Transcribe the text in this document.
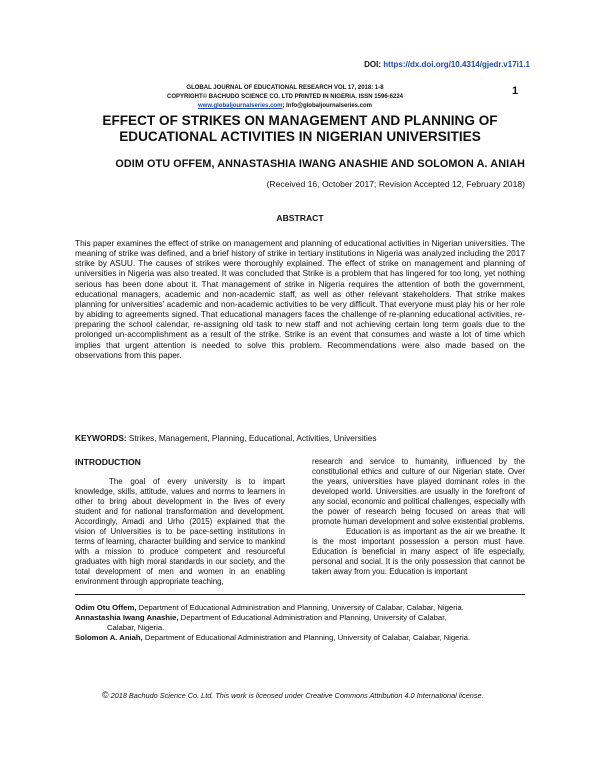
DOI: https://dx.doi.org/10.4314/gjedr.v17i1.1
1
GLOBAL JOURNAL OF EDUCATIONAL RESEARCH VOL 17, 2018: 1-8
COPYRIGHT© BACHUDO SCIENCE CO. LTD PRINTED IN NIGERIA. ISSN 1596-6224
www.globaljournalseries.com; Info@globaljournalseries.com
EFFECT OF STRIKES ON MANAGEMENT AND PLANNING OF EDUCATIONAL ACTIVITIES IN NIGERIAN UNIVERSITIES
ODIM OTU OFFEM, ANNASTASHIA IWANG ANASHIE AND SOLOMON A. ANIAH
(Received 16, October 2017; Revision Accepted 12, February 2018)
ABSTRACT
This paper examines the effect of strike on management and planning of educational activities in Nigerian universities. The meaning of strike was defined, and a brief history of strike in tertiary institutions in Nigeria was analyzed including the 2017 strike by ASUU. The causes of strikes were thoroughly explained. The effect of strike on management and planning of universities in Nigeria was also treated. It was concluded that Strike is a problem that has lingered for too long, yet nothing serious has been done about it. That management of strike in Nigeria requires the attention of both the government, educational managers, academic and non-academic staff, as well as other relevant stakeholders. That strike makes planning for universities' academic and non-academic activities to be very difficult. That everyone must play his or her role by abiding to agreements signed. That educational managers faces the challenge of re-planning educational activities, re-preparing the school calendar, re-assigning old task to new staff and not achieving certain long term goals due to the prolonged un-accomplishment as a result of the strike. Strike is an event that consumes and waste a lot of time which implies that urgent attention is needed to solve this problem. Recommendations were also made based on the observations from this paper.
KEYWORDS: Strikes, Management, Planning, Educational, Activities, Universities
INTRODUCTION

The goal of every university is to impart knowledge, skills, attitude, values and norms to learners in other to bring about development in the lives of every student and for national transformation and development. Accordingly, Amadi and Urho (2015) explained that the vision of Universities is to be pace-setting institutions in terms of learning, character building and service to mankind with a mission to produce competent and resourceful graduates with high moral standards in our society, and the total development of men and women in an enabling environment through appropriate teaching,

research and service to humanity, influenced by the constitutional ethics and culture of our Nigerian state. Over the years, universities have played dominant roles in the developed world. Universities are usually in the forefront of any social, economic and political challenges, especially with the power of research being focused on areas that will promote human development and solve existential problems.

Education is as important as the air we breathe. It is the most important possession a person must have. Education is beneficial in many aspect of life especially, personal and social. It is the only possession that cannot be taken away from you. Education is important

Odim Otu Offem, Department of Educational Administration and Planning, University of Calabar, Calabar, Nigeria.
Annastashia Iwang Anashie, Department of Educational Administration and Planning, University of Calabar,
Calabar, Nigeria.
Solomon A. Aniah, Department of Educational Administration and Planning, University of Calabar, Calabar, Nigeria.
© 2018 Bachudo Science Co. Ltd. This work is licensed under Creative Commons Attribution 4.0 International license.
